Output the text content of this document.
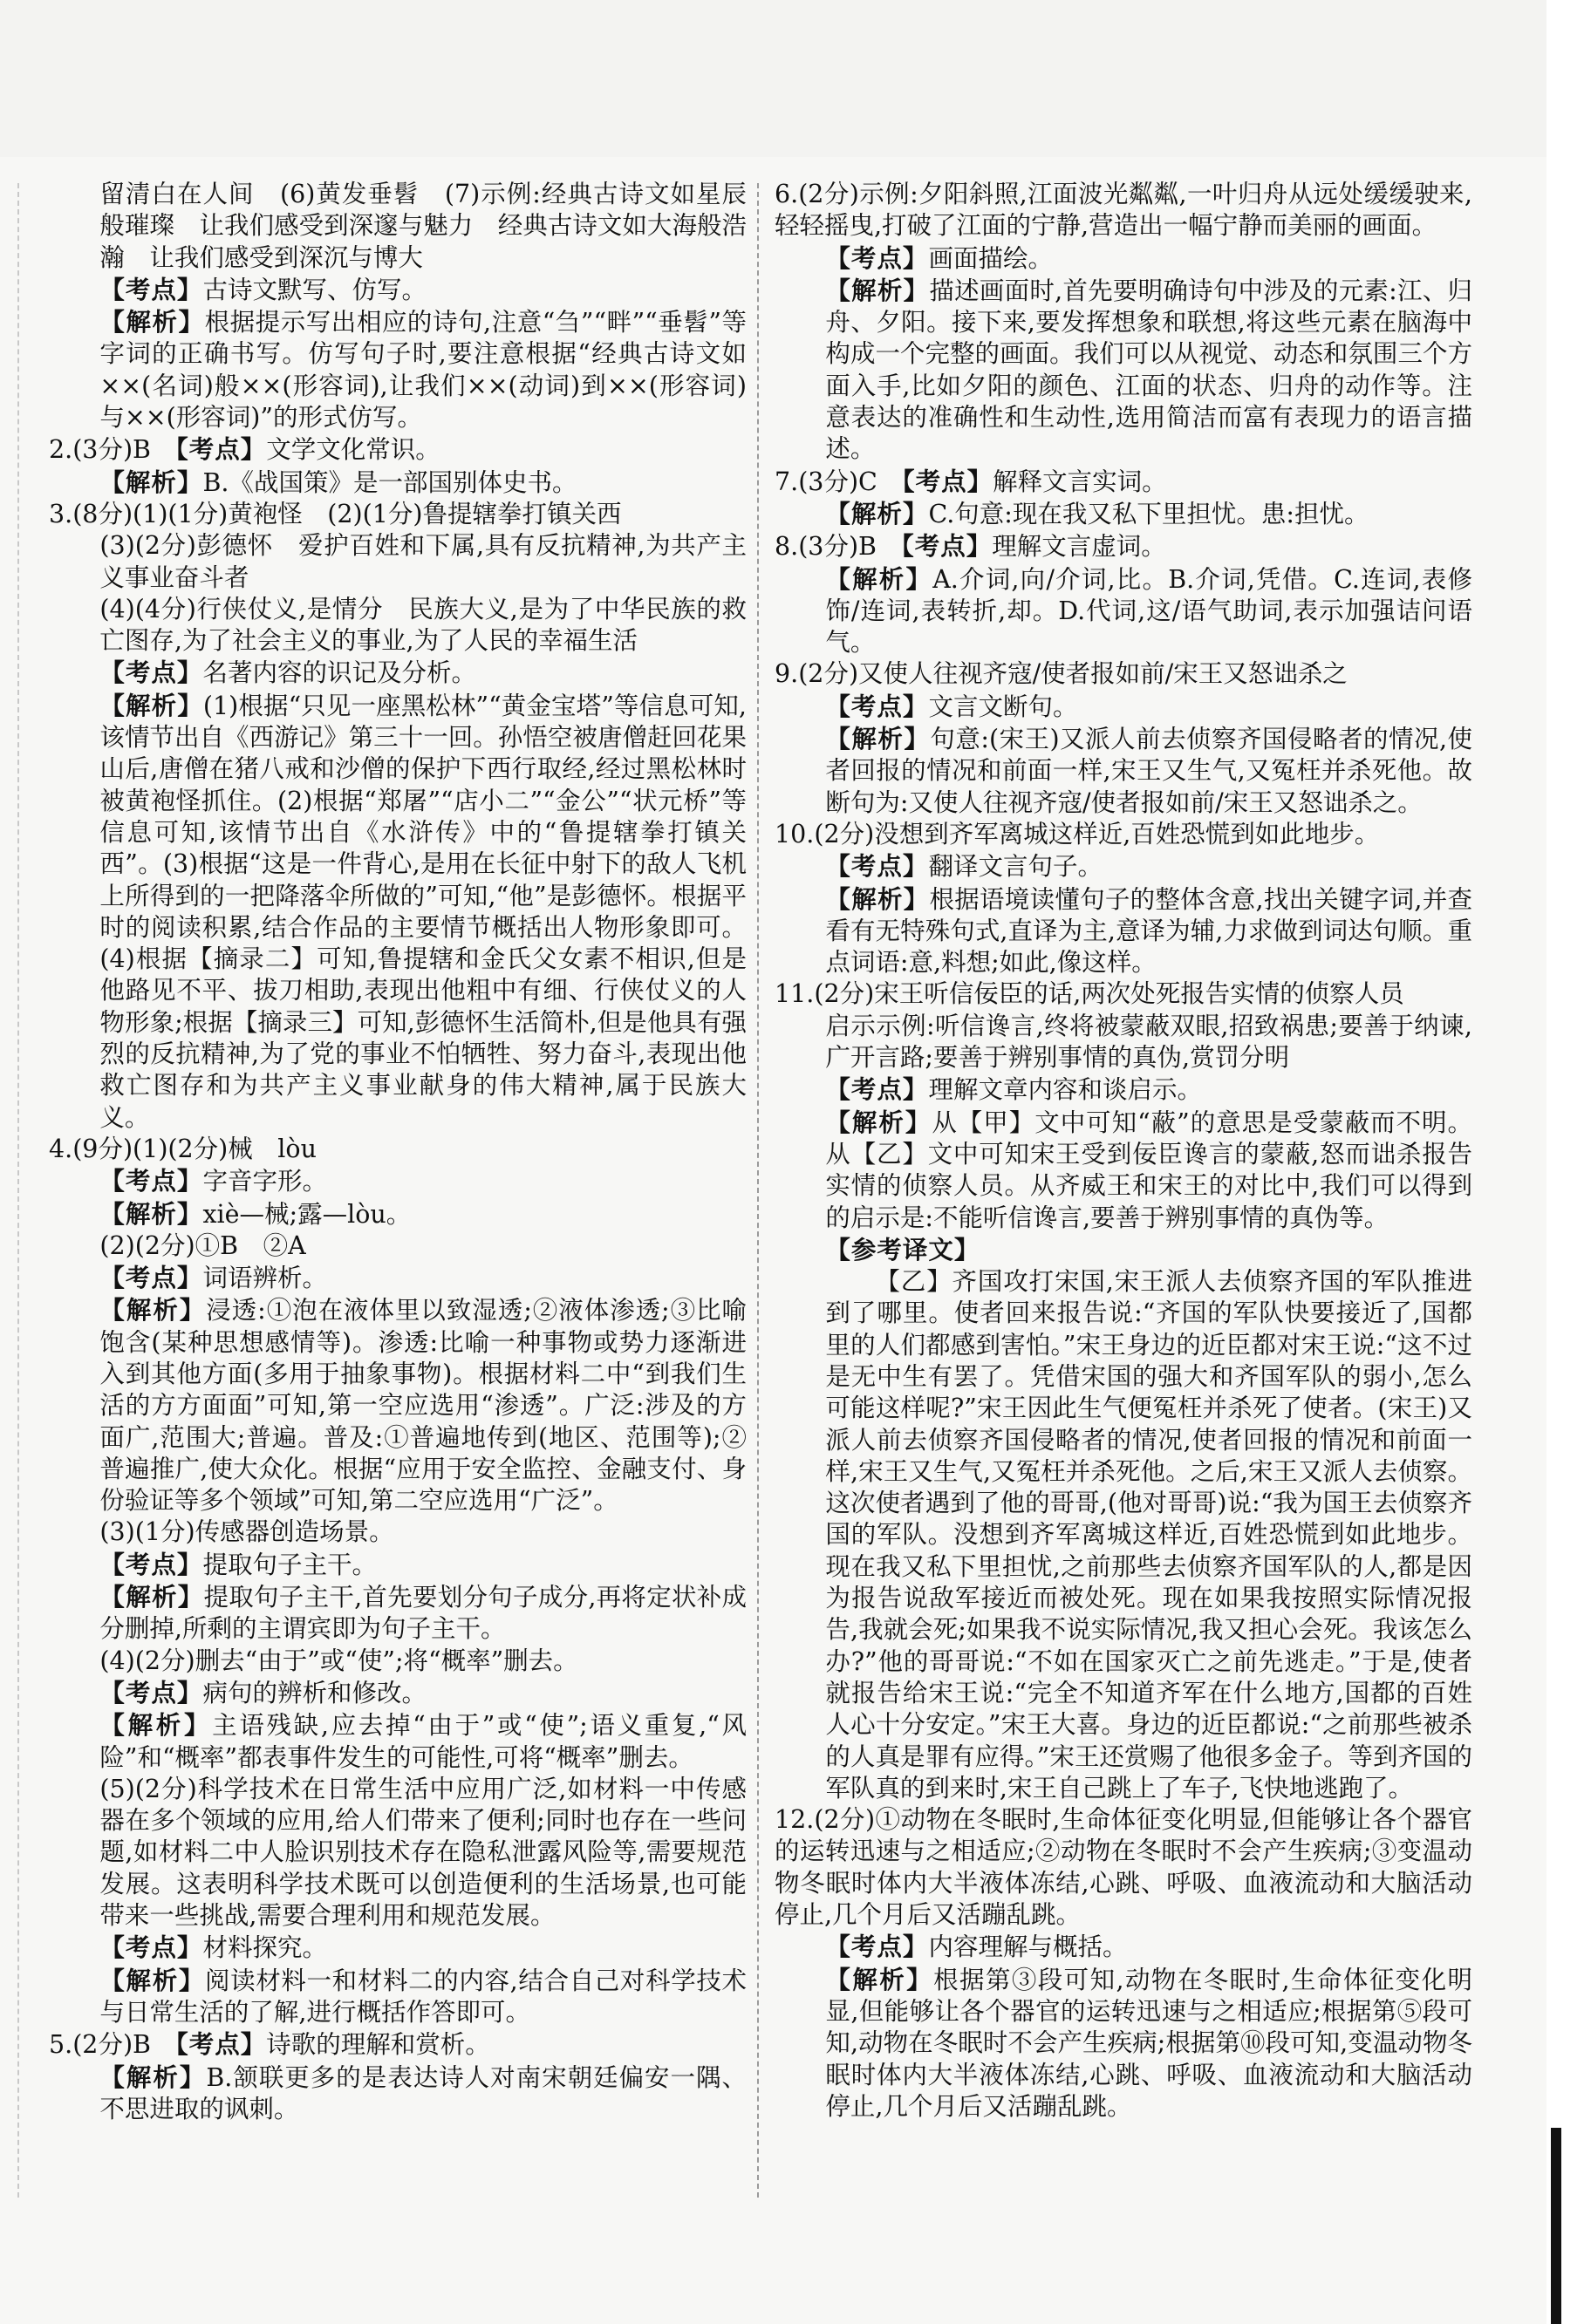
留清白在人间　(6)黄发垂髫　(7)示例:经典古诗文如星辰般璀璨　让我们感受到深邃与魅力　经典古诗文如大海般浩瀚　让我们感受到深沉与博大

【考点】古诗文默写、仿写。

【解析】根据提示写出相应的诗句,注意“刍”“畔”“垂髫”等字词的正确书写。仿写句子时,要注意根据“经典古诗文如××(名词)般××(形容词),让我们××(动词)到××(形容词)与××(形容词)”的形式仿写。

2.(3分)B　【考点】文学文化常识。

【解析】B.《战国策》是一部国别体史书。

3.(8分)(1)(1分)黄袍怪　(2)(1分)鲁提辖拳打镇关西

(3)(2分)彭德怀　爱护百姓和下属,具有反抗精神,为共产主义事业奋斗者

(4)(4分)行侠仗义,是情分　民族大义,是为了中华民族的救亡图存,为了社会主义的事业,为了人民的幸福生活

【考点】名著内容的识记及分析。

【解析】(1)根据“只见一座黑松林”“黄金宝塔”等信息可知,该情节出自《西游记》第三十一回。孙悟空被唐僧赶回花果山后,唐僧在猪八戒和沙僧的保护下西行取经,经过黑松林时被黄袍怪抓住。(2)根据“郑屠”“店小二”“金公”“状元桥”等信息可知,该情节出自《水浒传》中的“鲁提辖拳打镇关西”。(3)根据“这是一件背心,是用在长征中射下的敌人飞机上所得到的一把降落伞所做的”可知,“他”是彭德怀。根据平时的阅读积累,结合作品的主要情节概括出人物形象即可。(4)根据【摘录二】可知,鲁提辖和金氏父女素不相识,但是他路见不平、拔刀相助,表现出他粗中有细、行侠仗义的人物形象;根据【摘录三】可知,彭德怀生活简朴,但是他具有强烈的反抗精神,为了党的事业不怕牺牲、努力奋斗,表现出他救亡图存和为共产主义事业献身的伟大精神,属于民族大义。

4.(9分)(1)(2分)械　lòu

【考点】字音字形。

【解析】xiè—械;露—lòu。

(2)(2分)①B　②A

【考点】词语辨析。

【解析】浸透:①泡在液体里以致湿透;②液体渗透;③比喻饱含(某种思想感情等)。渗透:比喻一种事物或势力逐渐进入到其他方面(多用于抽象事物)。根据材料二中“到我们生活的方方面面”可知,第一空应选用“渗透”。广泛:涉及的方面广,范围大;普遍。普及:①普遍地传到(地区、范围等);②普遍推广,使大众化。根据“应用于安全监控、金融支付、身份验证等多个领域”可知,第二空应选用“广泛”。

(3)(1分)传感器创造场景。

【考点】提取句子主干。

【解析】提取句子主干,首先要划分句子成分,再将定状补成分删掉,所剩的主谓宾即为句子主干。

(4)(2分)删去“由于”或“使”;将“概率”删去。

【考点】病句的辨析和修改。

【解析】主语残缺,应去掉“由于”或“使”;语义重复,“风险”和“概率”都表事件发生的可能性,可将“概率”删去。

(5)(2分)科学技术在日常生活中应用广泛,如材料一中传感器在多个领域的应用,给人们带来了便利;同时也存在一些问题,如材料二中人脸识别技术存在隐私泄露风险等,需要规范发展。这表明科学技术既可以创造便利的生活场景,也可能带来一些挑战,需要合理利用和规范发展。

【考点】材料探究。

【解析】阅读材料一和材料二的内容,结合自己对科学技术与日常生活的了解,进行概括作答即可。

5.(2分)B　【考点】诗歌的理解和赏析。

【解析】B.颔联更多的是表达诗人对南宋朝廷偏安一隅、不思进取的讽刺。

6.(2分)示例:夕阳斜照,江面波光粼粼,一叶归舟从远处缓缓驶来,轻轻摇曳,打破了江面的宁静,营造出一幅宁静而美丽的画面。

【考点】画面描绘。

【解析】描述画面时,首先要明确诗句中涉及的元素:江、归舟、夕阳。接下来,要发挥想象和联想,将这些元素在脑海中构成一个完整的画面。我们可以从视觉、动态和氛围三个方面入手,比如夕阳的颜色、江面的状态、归舟的动作等。注意表达的准确性和生动性,选用简洁而富有表现力的语言描述。

7.(3分)C　【考点】解释文言实词。

【解析】C.句意:现在我又私下里担忧。患:担忧。

8.(3分)B　【考点】理解文言虚词。

【解析】A.介词,向/介词,比。B.介词,凭借。C.连词,表修饰/连词,表转折,却。D.代词,这/语气助词,表示加强诘问语气。

9.(2分)又使人往视齐寇/使者报如前/宋王又怒诎杀之

【考点】文言文断句。

【解析】句意:(宋王)又派人前去侦察齐国侵略者的情况,使者回报的情况和前面一样,宋王又生气,又冤枉并杀死他。故断句为:又使人往视齐寇/使者报如前/宋王又怒诎杀之。

10.(2分)没想到齐军离城这样近,百姓恐慌到如此地步。

【考点】翻译文言句子。

【解析】根据语境读懂句子的整体含意,找出关键字词,并查看有无特殊句式,直译为主,意译为辅,力求做到词达句顺。重点词语:意,料想;如此,像这样。

11.(2分)宋王听信佞臣的话,两次处死报告实情的侦察人员

启示示例:听信谗言,终将被蒙蔽双眼,招致祸患;要善于纳谏,广开言路;要善于辨别事情的真伪,赏罚分明

【考点】理解文章内容和谈启示。

【解析】从【甲】文中可知“蔽”的意思是受蒙蔽而不明。从【乙】文中可知宋王受到佞臣谗言的蒙蔽,怒而诎杀报告实情的侦察人员。从齐威王和宋王的对比中,我们可以得到的启示是:不能听信谗言,要善于辨别事情的真伪等。

【参考译文】

【乙】齐国攻打宋国,宋王派人去侦察齐国的军队推进到了哪里。使者回来报告说:“齐国的军队快要接近了,国都里的人们都感到害怕。”宋王身边的近臣都对宋王说:“这不过是无中生有罢了。凭借宋国的强大和齐国军队的弱小,怎么可能这样呢?”宋王因此生气便冤枉并杀死了使者。(宋王)又派人前去侦察齐国侵略者的情况,使者回报的情况和前面一样,宋王又生气,又冤枉并杀死他。之后,宋王又派人去侦察。这次使者遇到了他的哥哥,(他对哥哥)说:“我为国王去侦察齐国的军队。没想到齐军离城这样近,百姓恐慌到如此地步。现在我又私下里担忧,之前那些去侦察齐国军队的人,都是因为报告说敌军接近而被处死。现在如果我按照实际情况报告,我就会死;如果我不说实际情况,我又担心会死。我该怎么办?”他的哥哥说:“不如在国家灭亡之前先逃走。”于是,使者就报告给宋王说:“完全不知道齐军在什么地方,国都的百姓人心十分安定。”宋王大喜。身边的近臣都说:“之前那些被杀的人真是罪有应得。”宋王还赏赐了他很多金子。等到齐国的军队真的到来时,宋王自己跳上了车子,飞快地逃跑了。

12.(2分)①动物在冬眠时,生命体征变化明显,但能够让各个器官的运转迅速与之相适应;②动物在冬眠时不会产生疾病;③变温动物冬眠时体内大半液体冻结,心跳、呼吸、血液流动和大脑活动停止,几个月后又活蹦乱跳。

【考点】内容理解与概括。

【解析】根据第③段可知,动物在冬眠时,生命体征变化明显,但能够让各个器官的运转迅速与之相适应;根据第⑤段可知,动物在冬眠时不会产生疾病;根据第⑩段可知,变温动物冬眠时体内大半液体冻结,心跳、呼吸、血液流动和大脑活动停止,几个月后又活蹦乱跳。
